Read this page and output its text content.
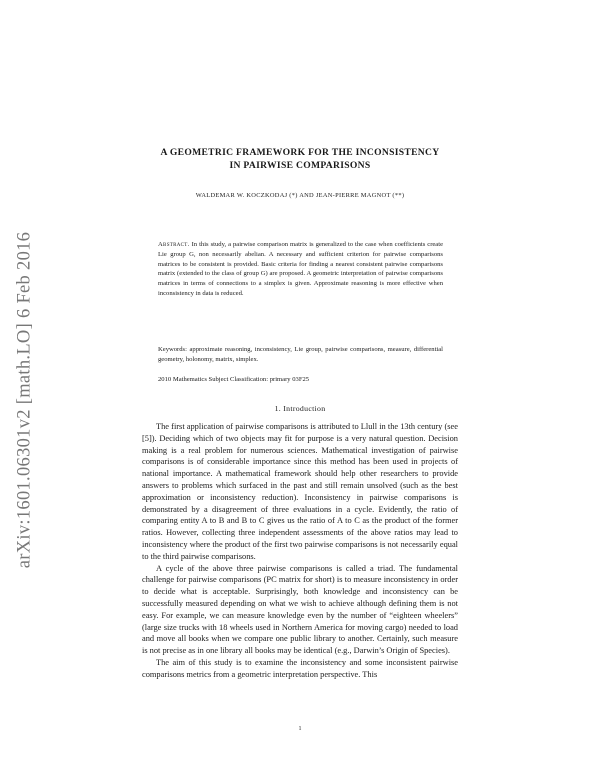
arXiv:1601.06301v2 [math.LO] 6 Feb 2016
A GEOMETRIC FRAMEWORK FOR THE INCONSISTENCY
IN PAIRWISE COMPARISONS
WALDEMAR W. KOCZKODAJ (*) AND JEAN-PIERRE MAGNOT (**)
Abstract. In this study, a pairwise comparison matrix is generalized to the case when coefficients create Lie group G, non necessarily abelian. A necessary and sufficient criterion for pairwise comparisons matrices to be consistent is provided. Basic criteria for finding a nearest consistent pairwise comparisons matrix (extended to the class of group G) are proposed. A geometric interpretation of pairwise comparisons matrices in terms of connections to a simplex is given. Approximate reasoning is more effective when inconsistency in data is reduced.
Keywords: approximate reasoning, inconsistency, Lie group, pairwise comparisons, measure, differential geometry, holonomy, matrix, simplex.
2010 Mathematics Subject Classification: primary 03F25
1. Introduction

The first application of pairwise comparisons is attributed to Llull in the 13th century (see [5]). Deciding which of two objects may fit for purpose is a very natural question. Decision making is a real problem for numerous sciences. Mathematical investigation of pairwise comparisons is of considerable importance since this method has been used in projects of national importance. A mathematical framework should help other researchers to provide answers to problems which surfaced in the past and still remain unsolved (such as the best approximation or inconsistency reduction). Inconsistency in pairwise comparisons is demonstrated by a disagreement of three evaluations in a cycle. Evidently, the ratio of comparing entity A to B and B to C gives us the ratio of A to C as the product of the former ratios. However, collecting three independent assessments of the above ratios may lead to inconsistency where the product of the first two pairwise comparisons is not necessarily equal to the third pairwise comparisons.

A cycle of the above three pairwise comparisons is called a triad. The fundamental challenge for pairwise comparisons (PC matrix for short) is to measure inconsistency in order to decide what is acceptable. Surprisingly, both knowledge and inconsistency can be successfully measured depending on what we wish to achieve although defining them is not easy. For example, we can measure knowledge even by the number of “eighteen wheelers” (large size trucks with 18 wheels used in Northern America for moving cargo) needed to load and move all books when we compare one public library to another. Certainly, such measure is not precise as in one library all books may be identical (e.g., Darwin’s Origin of Species).

The aim of this study is to examine the inconsistency and some inconsistent pairwise comparisons metrics from a geometric interpretation perspective. This

1
